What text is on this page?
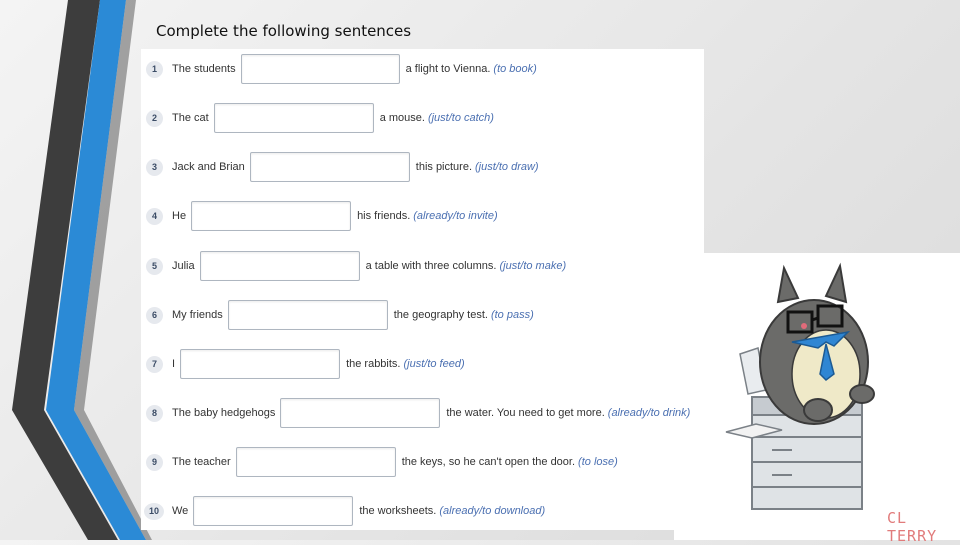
Complete the following sentences
1	The students	a flight to Vienna. (to book)
2	The cat	a mouse. (just/to catch)
3	Jack and Brian	this picture. (just/to draw)
4	He	his friends. (already/to invite)
5	Julia	a table with three columns. (just/to make)
6	My friends	the geography test. (to pass)
7	I	the rabbits. (just/to feed)
8	The baby hedgehogs	the water. You need to get more. (already/to drink)
9	The teacher	the keys, so he can't open the door. (to lose)
10	We	the worksheets. (already/to download)	CL TERRY
